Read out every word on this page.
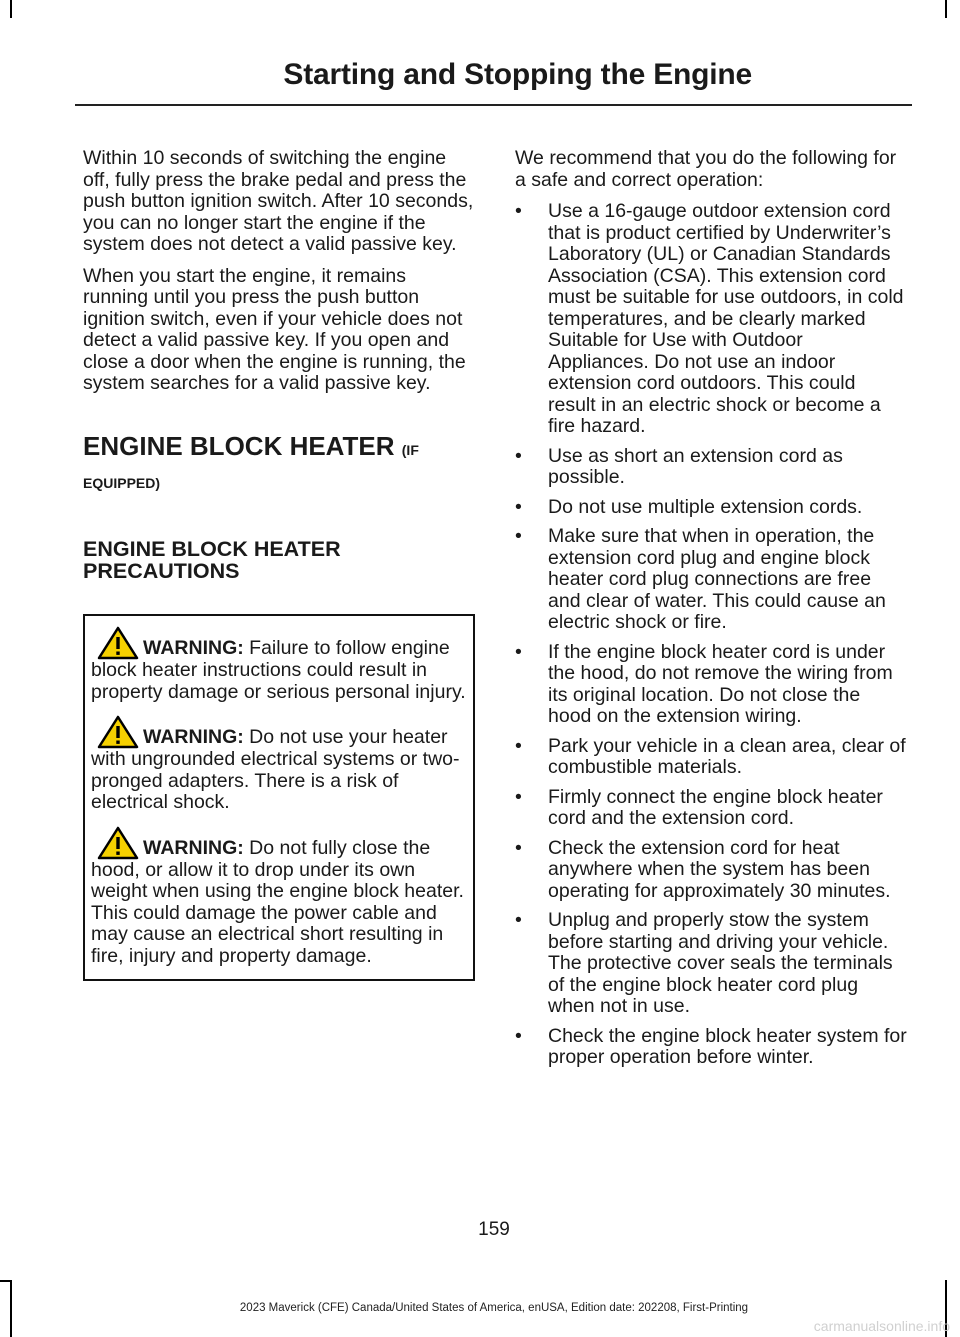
Starting and Stopping the Engine

Within 10 seconds of switching the engine off, fully press the brake pedal and press the push button ignition switch. After 10 seconds, you can no longer start the engine if the system does not detect a valid passive key.

When you start the engine, it remains running until you press the push button ignition switch, even if your vehicle does not detect a valid passive key. If you open and close a door when the engine is running, the system searches for a valid passive key.

ENGINE BLOCK HEATER (IF
EQUIPPED)
ENGINE BLOCK HEATER PRECAUTIONS
WARNING: Failure to follow engine block heater instructions could result in property damage or serious personal injury.
WARNING: Do not use your heater with ungrounded electrical systems or two-pronged adapters. There is a risk of electrical shock.
WARNING: Do not fully close the hood, or allow it to drop under its own weight when using the engine block heater. This could damage the power cable and may cause an electrical short resulting in fire, injury and property damage.

We recommend that you do the following for a safe and correct operation:

• Use a 16-gauge outdoor extension cord that is product certified by Underwriter’s Laboratory (UL) or Canadian Standards Association (CSA). This extension cord must be suitable for use outdoors, in cold temperatures, and be clearly marked Suitable for Use with Outdoor Appliances. Do not use an indoor extension cord outdoors. This could result in an electric shock or become a fire hazard.
• Use as short an extension cord as possible.
• Do not use multiple extension cords.
• Make sure that when in operation, the extension cord plug and engine block heater cord plug connections are free and clear of water. This could cause an electric shock or fire.
• If the engine block heater cord is under the hood, do not remove the wiring from its original location. Do not close the hood on the extension wiring.
• Park your vehicle in a clean area, clear of combustible materials.
• Firmly connect the engine block heater cord and the extension cord.
• Check the extension cord for heat anywhere when the system has been operating for approximately 30 minutes.
• Unplug and properly stow the system before starting and driving your vehicle. The protective cover seals the terminals of the engine block heater cord plug when not in use.
• Check the engine block heater system for proper operation before winter.
159
2023 Maverick (CFE) Canada/United States of America, enUSA, Edition date: 202208, First-Printing
carmanualsonline.info
